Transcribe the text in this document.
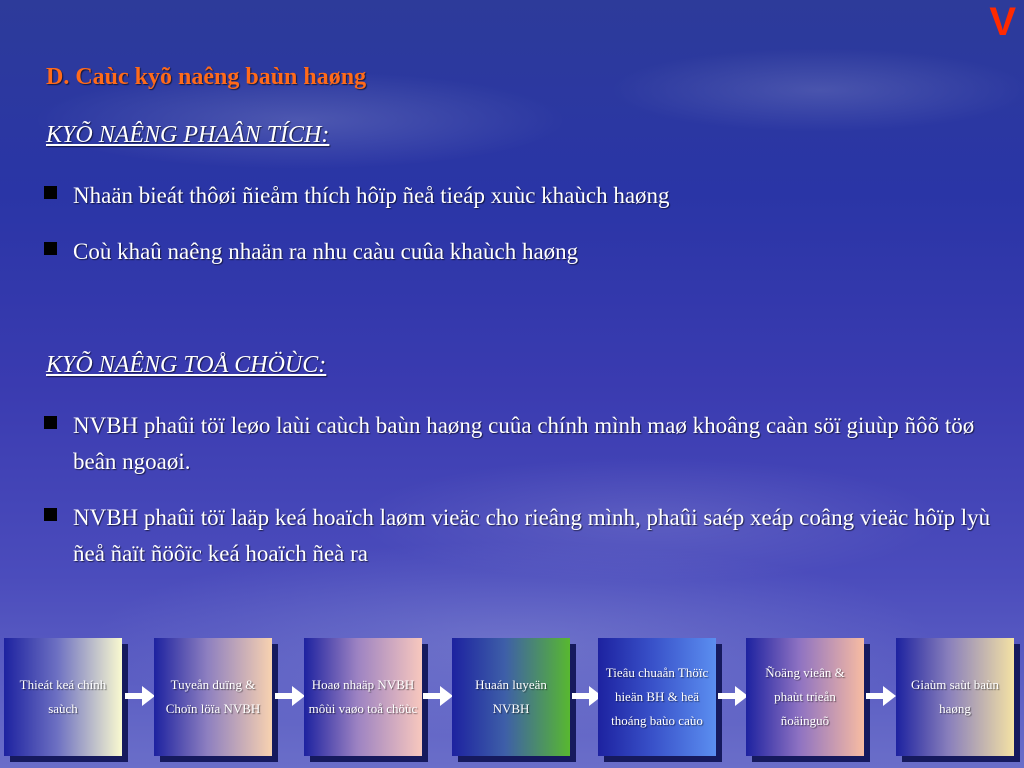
V
D. Caùc kyõ naêng baùn haøng
KYÕ NAÊNG PHAÂN TÍCH:
Nhaän bieát thôøi ñieåm thích hôïp ñeå tieáp xuùc khaùch haøng
Coù khaû naêng nhaän ra nhu caàu cuûa khaùch haøng
KYÕ NAÊNG TOÅ CHÖÙC:
NVBH phaûi töï leøo laùi caùch baùn haøng cuûa chính mình maø khoâng caàn söï giuùp ñôõ töø beân ngoaøi.
NVBH phaûi töï laäp keá hoaïch laøm vieäc cho rieâng mình, phaûi saép xeáp coâng vieäc hôïp lyù ñeå ñaït ñöôïc keá hoaïch ñeà ra
Thieát keá chính saùch
Tuyeån duïng & Choïn löïa NVBH
Hoaø nhaäp NVBH môùi vaøo toå chöùc
Huaán luyeän NVBH
Tieâu chuaån Thöïc hieän BH & heä thoáng baùo caùo
Ñoäng vieân & phaùt trieån ñoäinguõ
Giaùm saùt baùn haøng
